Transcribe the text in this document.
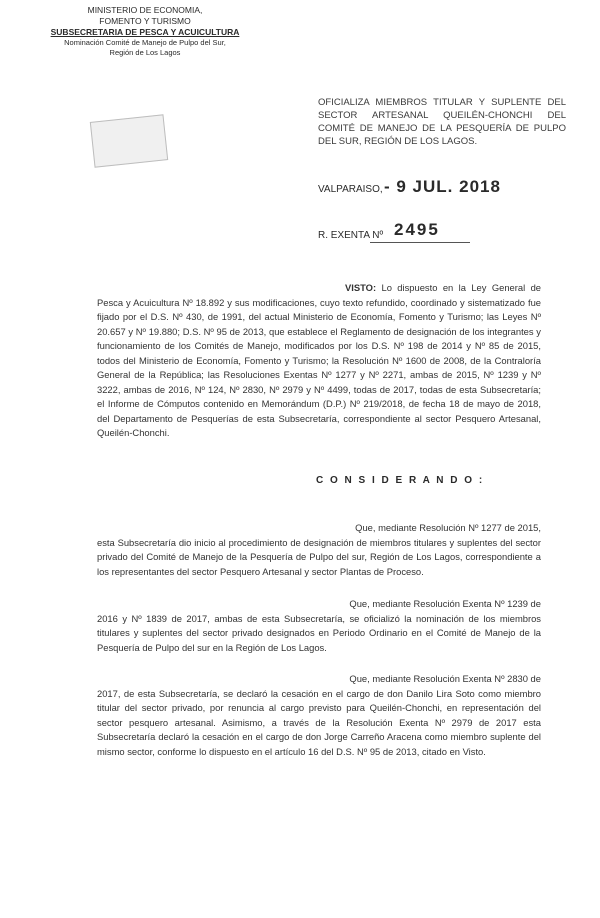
MINISTERIO DE ECONOMIA,
FOMENTO Y TURISMO
SUBSECRETARIA DE PESCA Y ACUICULTURA
Nominación Comité de Manejo de Pulpo del Sur,
Región de Los Lagos
OFICIALIZA MIEMBROS TITULAR Y SUPLENTE DEL SECTOR ARTESANAL QUEILÉN-CHONCHI DEL COMITÉ DE MANEJO DE LA PESQUERÍA DE PULPO DEL SUR, REGIÓN DE LOS LAGOS.
VALPARAISO, - 9 JUL. 2018
R. EXENTA Nº 2495
VISTO: Lo dispuesto en la Ley General de Pesca y Acuicultura Nº 18.892 y sus modificaciones, cuyo texto refundido, coordinado y sistematizado fue fijado por el D.S. Nº 430, de 1991, del actual Ministerio de Economía, Fomento y Turismo; las Leyes Nº 20.657 y Nº 19.880; D.S. Nº 95 de 2013, que establece el Reglamento de designación de los integrantes y funcionamiento de los Comités de Manejo, modificados por los D.S. Nº 198 de 2014 y Nº 85 de 2015, todos del Ministerio de Economía, Fomento y Turismo; la Resolución Nº 1600 de 2008, de la Contraloría General de la República; las Resoluciones Exentas Nº 1277 y Nº 2271, ambas de 2015, Nº 1239 y Nº 3222, ambas de 2016, Nº 124, Nº 2830, Nº 2979 y Nº 4499, todas de 2017, todas de esta Subsecretaría; el Informe de Cómputos contenido en Memorándum (D.P.) Nº 219/2018, de fecha 18 de mayo de 2018, del Departamento de Pesquerías de esta Subsecretaría, correspondiente al sector Pesquero Artesanal, Queilén-Chonchi.
C O N S I D E R A N D O :
Que, mediante Resolución Nº 1277 de 2015,
esta Subsecretaría dio inicio al procedimiento de designación de miembros titulares y suplentes del sector privado del Comité de Manejo de la Pesquería de Pulpo del sur, Región de Los Lagos, correspondiente a los representantes del sector Pesquero Artesanal y sector Plantas de Proceso.
Que, mediante Resolución Exenta Nº 1239 de
2016 y Nº 1839 de 2017, ambas de esta Subsecretaría, se oficializó la nominación de los miembros titulares y suplentes del sector privado designados en Periodo Ordinario en el Comité de Manejo de la Pesquería de Pulpo del sur en la Región de Los Lagos.
Que, mediante Resolución Exenta Nº 2830 de
2017, de esta Subsecretaría, se declaró la cesación en el cargo de don Danilo Lira Soto como miembro titular del sector privado, por renuncia al cargo previsto para Queilén-Chonchi, en representación del sector pesquero artesanal. Asimismo, a través de la Resolución Exenta Nº 2979 de 2017 esta Subsecretaría declaró la cesación en el cargo de don Jorge Carreño Aracena como miembro suplente del mismo sector, conforme lo dispuesto en el artículo 16 del D.S. Nº 95 de 2013, citado en Visto.
